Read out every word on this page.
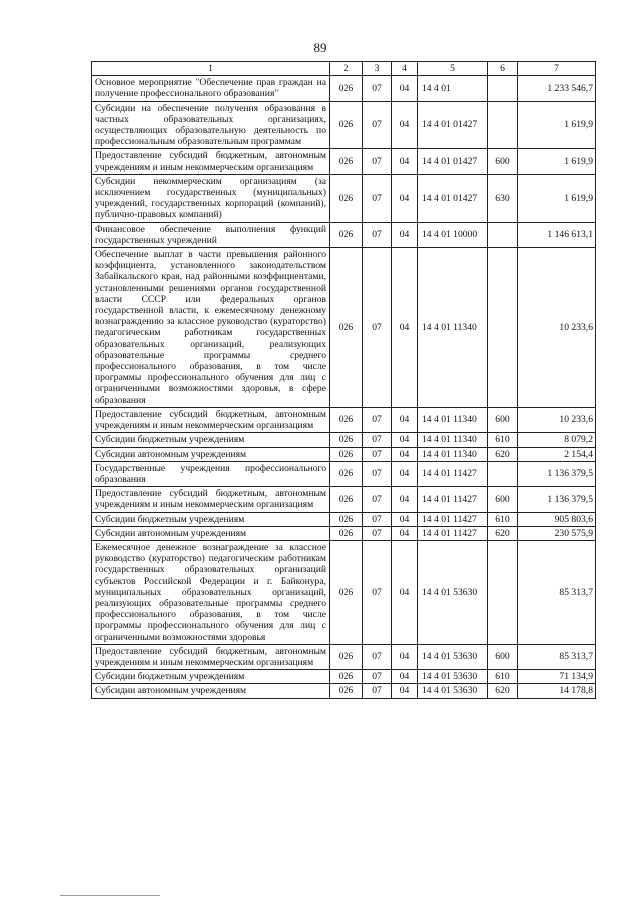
89
1	2	3	4	5	6	7
Основное мероприятие "Обеспечение прав граждан на получение профессионального образования"	026	07	04	14 4 01		1 233 546,7
Субсидии на обеспечение получения образования в частных образовательных организациях, осуществляющих образовательную деятельность по профессиональным образовательным программам	026	07	04	14 4 01 01427		1 619,9
Предоставление субсидий бюджетным, автономным учреждениям и иным некоммерческим организациям	026	07	04	14 4 01 01427	600	1 619,9
Субсидии некоммерческим организациям (за исключением государственных (муниципальных) учреждений, государственных корпораций (компаний), публично-правовых компаний)	026	07	04	14 4 01 01427	630	1 619,9
Финансовое обеспечение выполнения функций государственных учреждений	026	07	04	14 4 01 10000		1 146 613,1
Обеспечение выплат в части превышения районного коэффициента, установленного законодательством Забайкальского края, над районными коэффициентами, установленными решениями органов государственной власти СССР или федеральных органов государственной власти, к ежемесячному денежному вознаграждению за классное руководство (кураторство) педагогическим работникам государственных образовательных организаций, реализующих образовательные программы среднего профессионального образования, в том числе программы профессионального обучения для лиц с ограниченными возможностями здоровья, в сфере образования	026	07	04	14 4 01 11340		10 233,6
Предоставление субсидий бюджетным, автономным учреждениям и иным некоммерческим организациям	026	07	04	14 4 01 11340	600	10 233,6
Субсидии бюджетным учреждениям	026	07	04	14 4 01 11340	610	8 079,2
Субсидии автономным учреждениям	026	07	04	14 4 01 11340	620	2 154,4
Государственные учреждения профессионального образования	026	07	04	14 4 01 11427		1 136 379,5
Предоставление субсидий бюджетным, автономным учреждениям и иным некоммерческим организациям	026	07	04	14 4 01 11427	600	1 136 379,5
Субсидии бюджетным учреждениям	026	07	04	14 4 01 11427	610	905 803,6
Субсидии автономным учреждениям	026	07	04	14 4 01 11427	620	230 575,9
Ежемесячное денежное вознаграждение за классное руководство (кураторство) педагогическим работникам государственных образовательных организаций субъектов Российской Федерации и г. Байконура, муниципальных образовательных организаций, реализующих образовательные программы среднего профессионального образования, в том числе программы профессионального обучения для лиц с ограниченными возможностями здоровья	026	07	04	14 4 01 53630		85 313,7
Предоставление субсидий бюджетным, автономным учреждениям и иным некоммерческим организациям	026	07	04	14 4 01 53630	600	85 313,7
Субсидии бюджетным учреждениям	026	07	04	14 4 01 53630	610	71 134,9
Субсидии автономным учреждениям	026	07	04	14 4 01 53630	620	14 178,8
